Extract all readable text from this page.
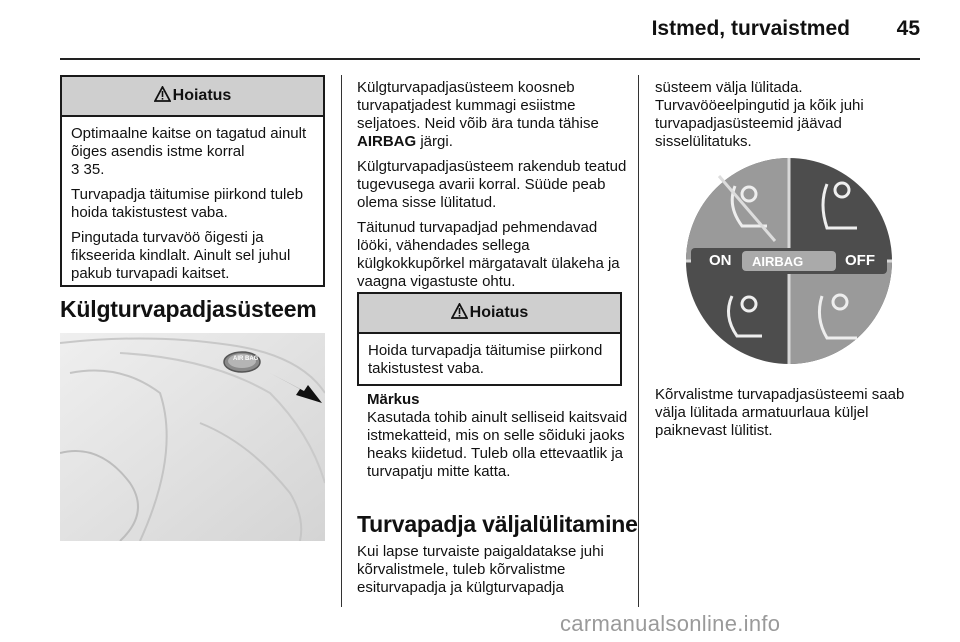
Istmed, turvaistmed	45
Hoiatus

Optimaalne kaitse on tagatud ainult õiges asendis istme korral
3 35.

Turvapadja täitumise piirkond tuleb hoida takistustest vaba.

Pingutada turvavöö õigesti ja fikseerida kindlalt. Ainult sel juhul pakub turvapadi kaitset.

Külgturvapadjasüsteem
AIR BAG

Külgturvapadjasüsteem koosneb turvapatjadest kummagi esiistme seljatoes. Neid võib ära tunda tähise AIRBAG järgi.

Külgturvapadjasüsteem rakendub teatud tugevusega avarii korral. Süüde peab olema sisse lülitatud.

Täitunud turvapadjad pehmendavad lööki, vähendades sellega külgkokkupõrkel märgatavalt ülakeha ja vaagna vigastuste ohtu.

Hoiatus

Hoida turvapadja täitumise piirkond takistustest vaba.

Märkus
Kasutada tohib ainult selliseid kaitsvaid istmekatteid, mis on selle sõiduki jaoks heaks kiidetud. Tuleb olla ettevaatlik ja turvapatju mitte katta.
Turvapadja väljalülitamine
Kui lapse turvaiste paigaldatakse juhi kõrvalistmele, tuleb kõrvalistme esiturvapadja ja külgturvapadja
süsteem välja lülitada. Turvavööeelpingutid ja kõik juhi turvapadjasüsteemid jäävad sisselülitatuks.
ON AIRBAG	OFF
Kõrvalistme turvapadjasüsteemi saab välja lülitada armatuurlaua küljel paiknevast lülitist.
carmanualsonline.info
